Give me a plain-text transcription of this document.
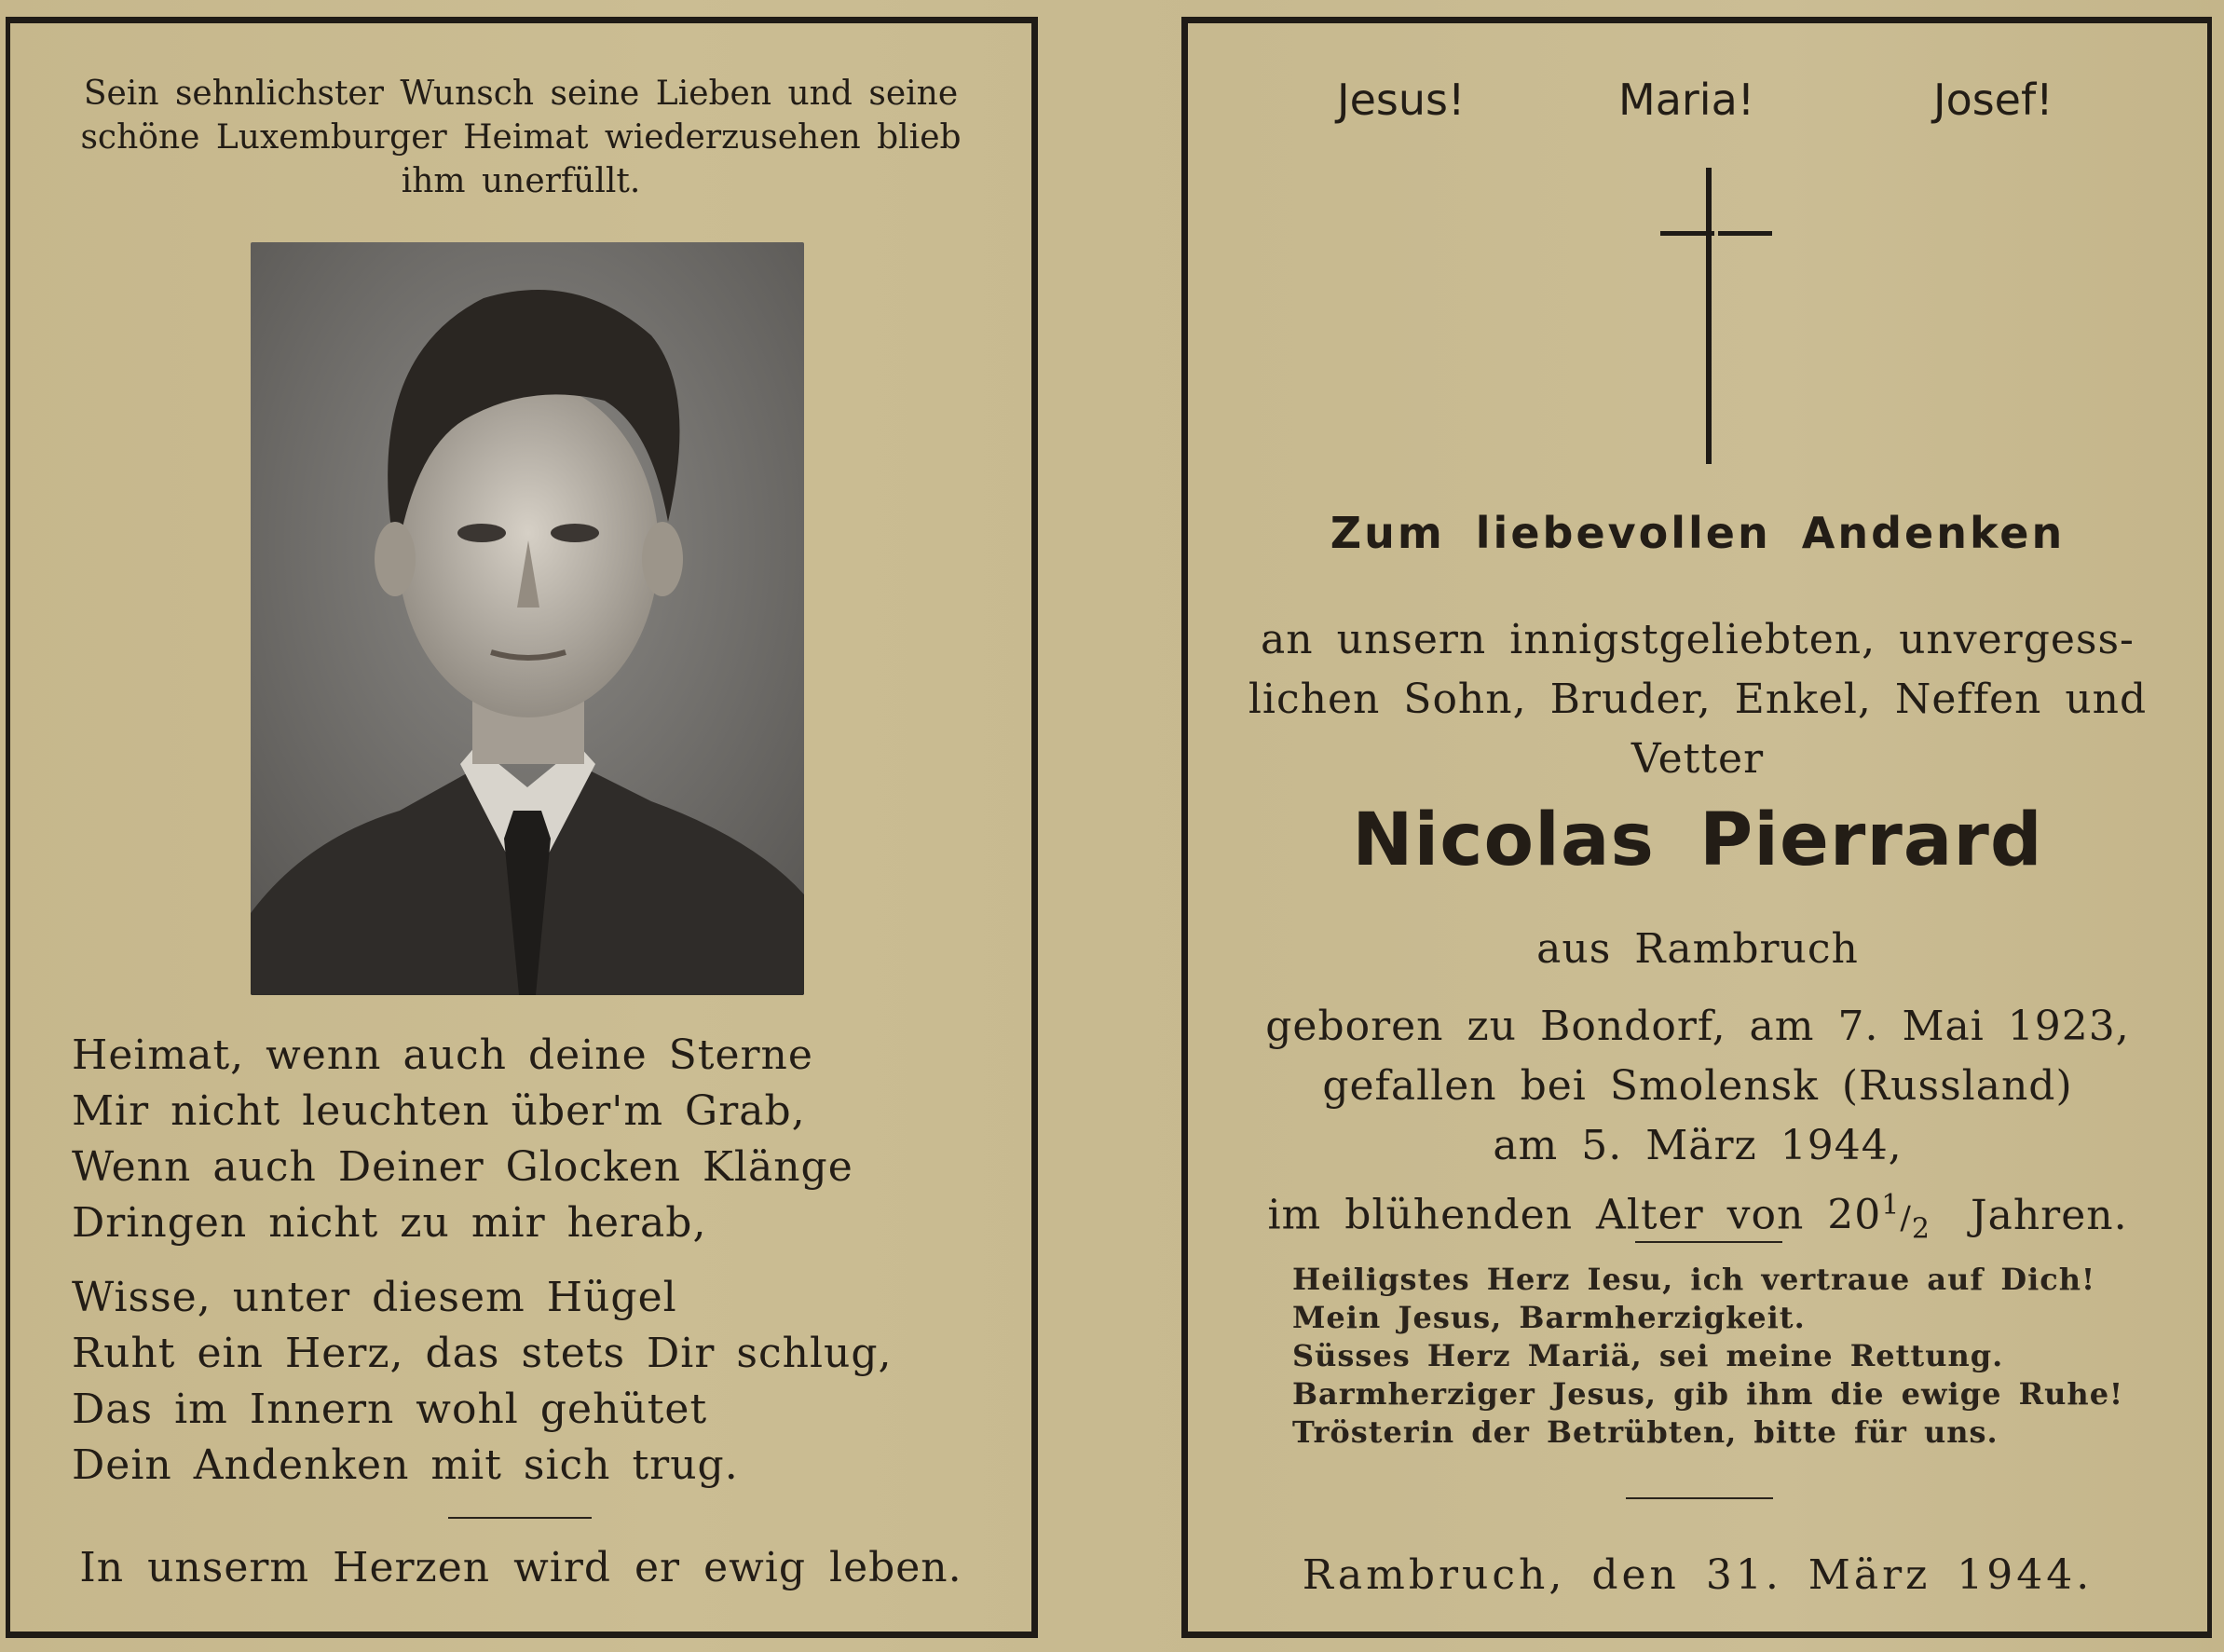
Sein sehnlichster Wunsch seine Lieben und seine schöne Luxemburger Heimat wiederzusehen blieb ihm unerfüllt.
Heimat, wenn auch deine Sterne
Mir nicht leuchten über'm Grab,
Wenn auch Deiner Glocken Klänge
Dringen nicht zu mir herab,
Wisse, unter diesem Hügel
Ruht ein Herz, das stets Dir schlug,
Das im Innern wohl gehütet
Dein Andenken mit sich trug.
In unserm Herzen wird er ewig leben.
Jesus!	Maria!	Josef!
Zum liebevollen Andenken
an unsern innigstgeliebten, unvergess-lichen Sohn, Bruder, Enkel, Neffen und Vetter
Nicolas Pierrard
aus Rambruch
geboren zu Bondorf, am 7. Mai 1923,
gefallen bei Smolensk (Russland)
am 5. März 1944,
im blühenden Alter von $20^1/_2$ Jahren.
Heiligstes Herz Iesu, ich vertraue auf Dich!
Mein Jesus, Barmherzigkeit.
Süsses Herz Mariä, sei meine Rettung.
Barmherziger Jesus, gib ihm die ewige Ruhe!
Trösterin der Betrübten, bitte für uns.
Rambruch, den 31. März 1944.
